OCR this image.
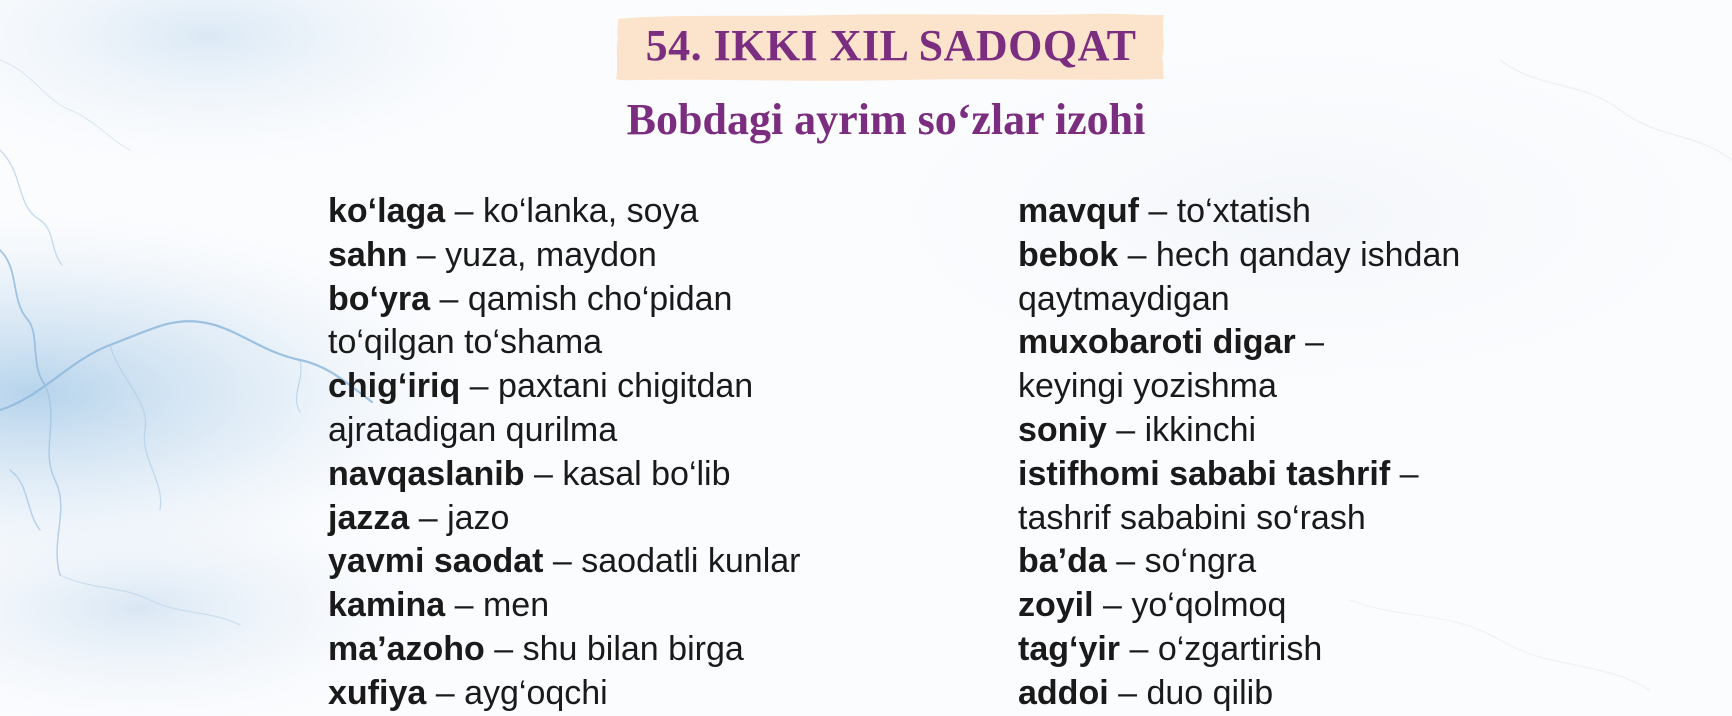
54. IKKI XIL SADOQAT
Bobdagi ayrim so‘zlar izohi
ko‘laga – ko‘lanka, soya
sahn – yuza, maydon
bo‘yra – qamish cho‘pidan
to‘qilgan to‘shama
chig‘iriq – paxtani chigitdan
ajratadigan qurilma
navqaslanib – kasal bo‘lib
jazza – jazo
yavmi saodat – saodatli kunlar
kamina – men
ma’azoho – shu bilan birga
xufiya – ayg‘oqchi
mavquf – to‘xtatish
bebok – hech qanday ishdan
qaytmaydigan
muxobaroti digar –
keyingi yozishma
soniy – ikkinchi
istifhomi sababi tashrif –
tashrif sababini so‘rash
ba’da – so‘ngra
zoyil – yo‘qolmoq
tag‘yir – o‘zgartirish
addoi – duo qilib
